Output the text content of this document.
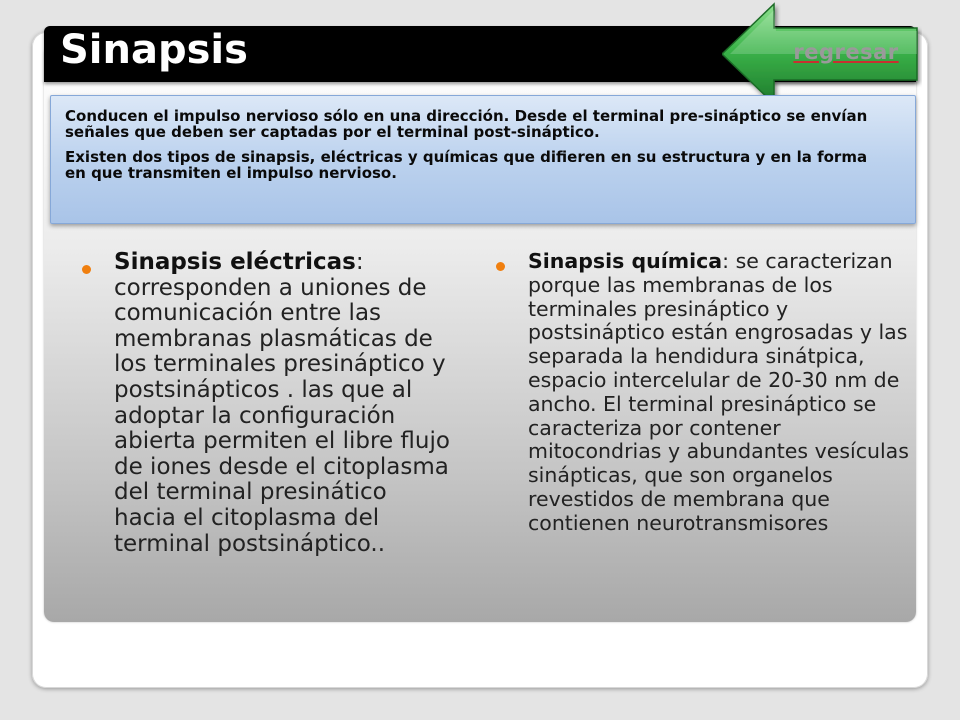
Sinapsis	regresar

Conducen el impulso nervioso sólo en una dirección. Desde el terminal pre-sináptico se envían señales que deben ser captadas por el terminal post-sináptico.

Existen dos tipos de sinapsis, eléctricas y químicas que difieren en su estructura y en la forma en que transmiten el impulso nervioso.

Sinapsis eléctricas: corresponden a uniones de comunicación entre las membranas plasmáticas de los terminales presináptico y postsinápticos . las que al adoptar la configuración abierta permiten el libre flujo de iones desde el citoplasma del terminal presinático hacia el citoplasma del terminal postsináptico..
Sinapsis química: se caracterizan porque las membranas de los terminales presináptico y postsináptico están engrosadas y las separada la hendidura sinátpica, espacio intercelular de 20-30 nm de ancho. El terminal presináptico se caracteriza por contener mitocondrias y abundantes vesículas sinápticas, que son organelos revestidos de membrana que contienen neurotransmisores
